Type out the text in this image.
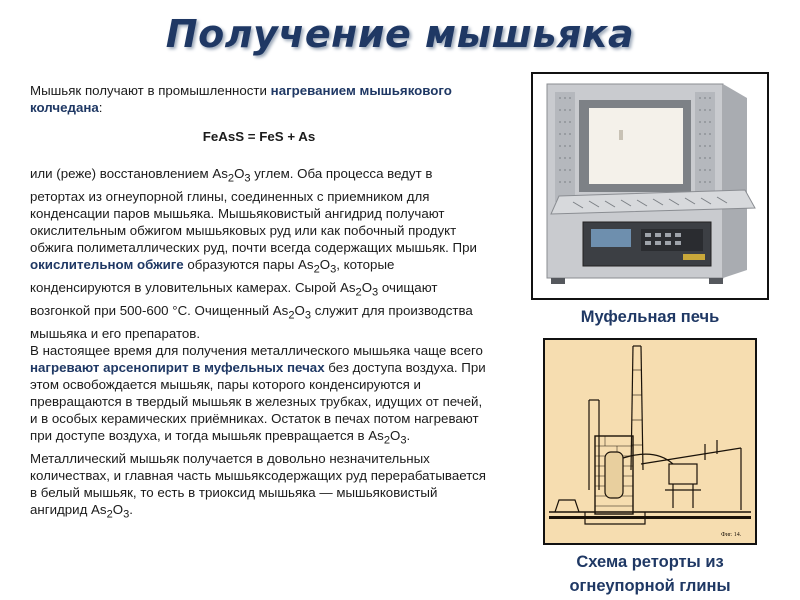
Получение мышьяка

Мышьяк получают в промышленности нагреванием мышьякового колчедана:

FeAsS = FeS + As

или (реже) восстановлением $As_2O_3$ углем. Оба процесса ведут в ретортах из огнеупорной глины, соединенных с приемником для конденсации паров мышьяка. Мышьяковистый ангидрид получают окислительным обжигом мышьяковых руд или как побочный продукт обжига полиметаллических руд, почти всегда содержащих мышьяк. При окислительном обжиге образуются пары $As_2O_3$, которые конденсируются в уловительных камерах. Сырой $As_2O_3$ очищают возгонкой при 500-600 °C. Очищенный $As_2O_3$ служит для производства мышьяка и его препаратов.

В настоящее время для получения металлического мышьяка чаще всего нагревают арсенопирит в муфельных печах без доступа воздуха. При этом освобождается мышьяк, пары которого конденсируются и превращаются в твердый мышьяк в железных трубках, идущих от печей, и в особых керамических приёмниках. Остаток в печах потом нагревают при доступе воздуха, и тогда мышьяк превращается в $As_2O_3$. Металлический мышьяк получается в довольно незначительных количествах, и главная часть мышьяксодержащих руд перерабатывается в белый мышьяк, то есть в триоксид мышьяка — мышьяковистый ангидрид $As_2O_3$.

Муфельная печь
Фиг. 14.
Схема реторты из огнеупорной глины
